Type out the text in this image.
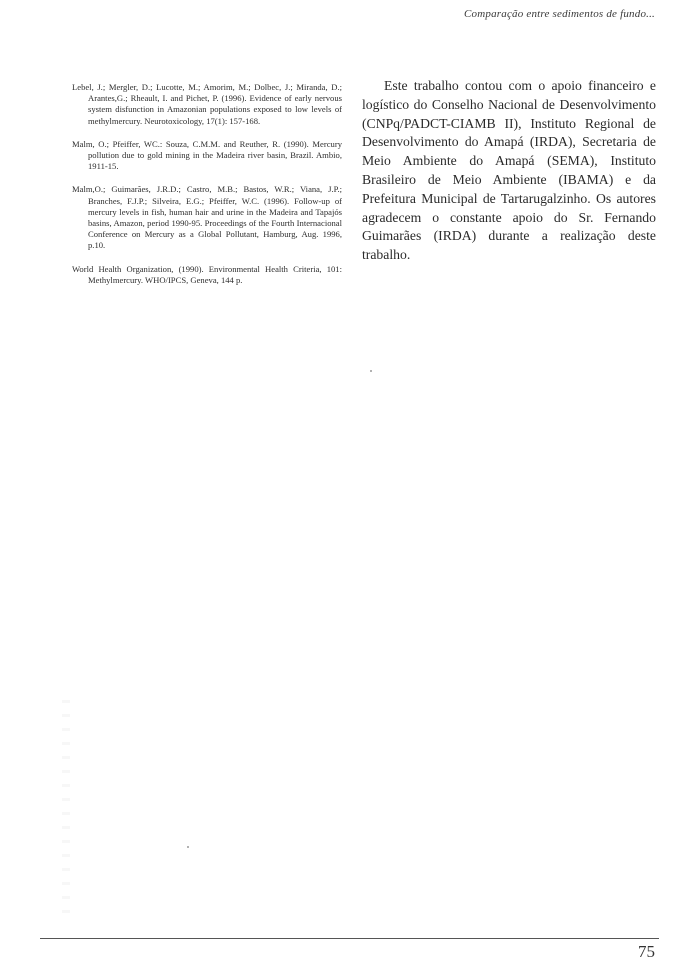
Comparação entre sedimentos de fundo...

Lebel, J.; Mergler, D.; Lucotte, M.; Amorim, M.; Dolbec, J.; Miranda, D.; Arantes,G.; Rheault, I. and Pichet, P. (1996). Evidence of early nervous system disfunction in Amazonian populations exposed to low levels of methylmercury. Neurotoxicology, 17(1): 157-168.

Malm, O.; Pfeiffer, WC.: Souza, C.M.M. and Reuther, R. (1990). Mercury pollution due to gold mining in the Madeira river basin, Brazil. Ambio, 1911-15.

Malm,O.; Guimarães, J.R.D.; Castro, M.B.; Bastos, W.R.; Viana, J.P.; Branches, F.J.P.; Silveira, E.G.; Pfeiffer, W.C. (1996). Follow-up of mercury levels in fish, human hair and urine in the Madeira and Tapajós basins, Amazon, period 1990-95. Proceedings of the Fourth Internacional Conference on Mercury as a Global Pollutant, Hamburg, Aug. 1996, p.10.

World Health Organization, (1990). Environmental Health Criteria, 101: Methylmercury. WHO/IPCS, Geneva, 144 p.

Este trabalho contou com o apoio financeiro e logístico do Conselho Nacional de Desenvolvimento (CNPq/PADCT-CIAMB II), Instituto Regional de Desenvolvimento do Amapá (IRDA), Secretaria de Meio Ambiente do Amapá (SEMA), Instituto Brasileiro de Meio Ambiente (IBAMA) e da Prefeitura Municipal de Tartarugalzinho. Os autores agradecem o constante apoio do Sr. Fernando Guimarães (IRDA) durante a realização deste trabalho.

75
